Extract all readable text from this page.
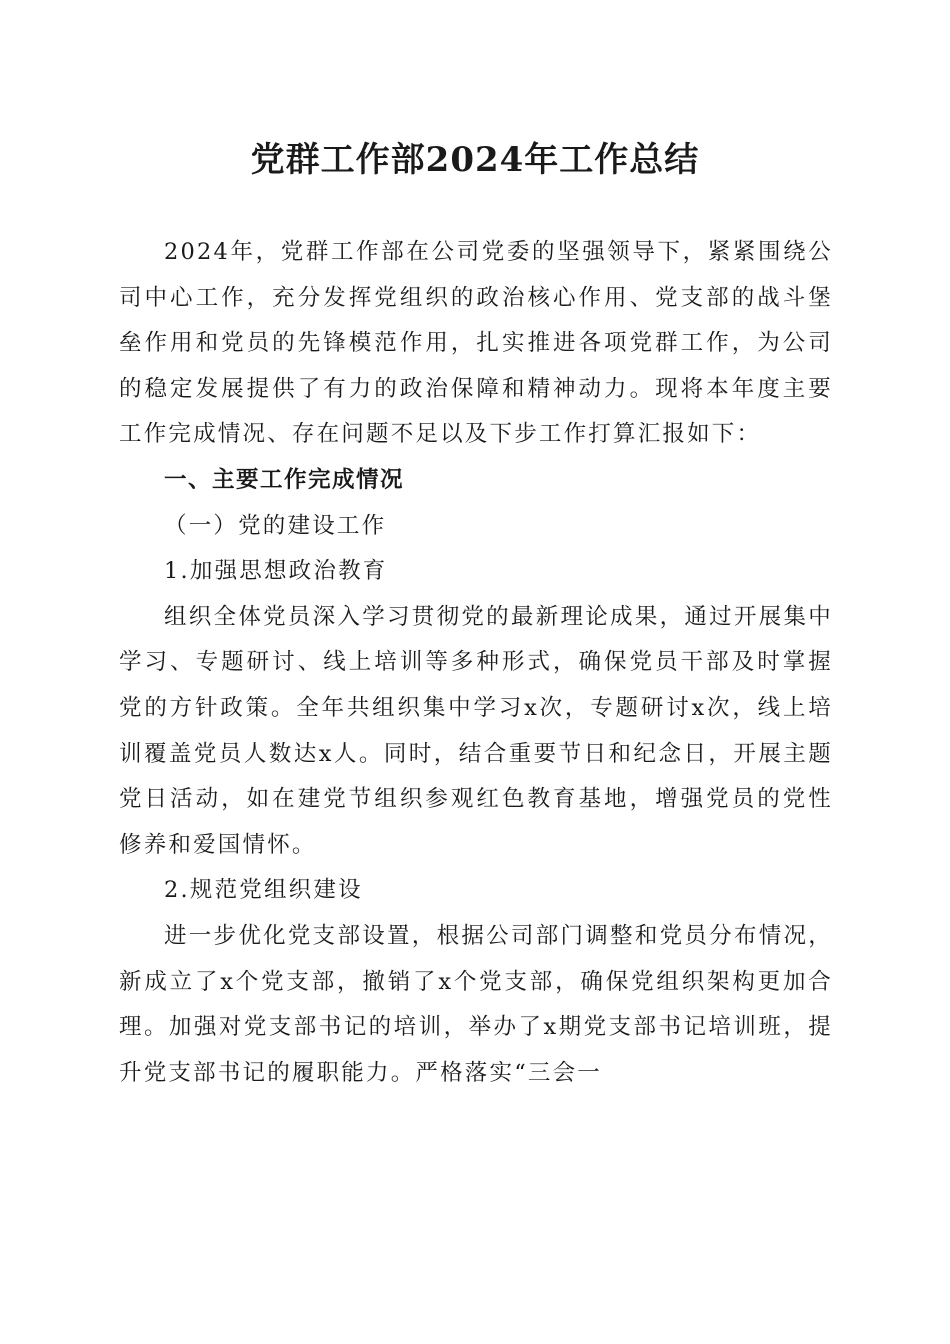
党群工作部2024年工作总结

2024年，党群工作部在公司党委的坚强领导下，紧紧围绕公司中心工作，充分发挥党组织的政治核心作用、党支部的战斗堡垒作用和党员的先锋模范作用，扎实推进各项党群工作，为公司的稳定发展提供了有力的政治保障和精神动力。现将本年度主要工作完成情况、存在问题不足以及下步工作打算汇报如下：

一、主要工作完成情况

（一）党的建设工作

1.加强思想政治教育

组织全体党员深入学习贯彻党的最新理论成果，通过开展集中学习、专题研讨、线上培训等多种形式，确保党员干部及时掌握党的方针政策。全年共组织集中学习x次，专题研讨x次，线上培训覆盖党员人数达x人。同时，结合重要节日和纪念日，开展主题党日活动，如在建党节组织参观红色教育基地，增强党员的党性修养和爱国情怀。

2.规范党组织建设

进一步优化党支部设置，根据公司部门调整和党员分布情况，新成立了x个党支部，撤销了x个党支部，确保党组织架构更加合理。加强对党支部书记的培训，举办了x期党支部书记培训班，提升党支部书记的履职能力。严格落实“三会一
